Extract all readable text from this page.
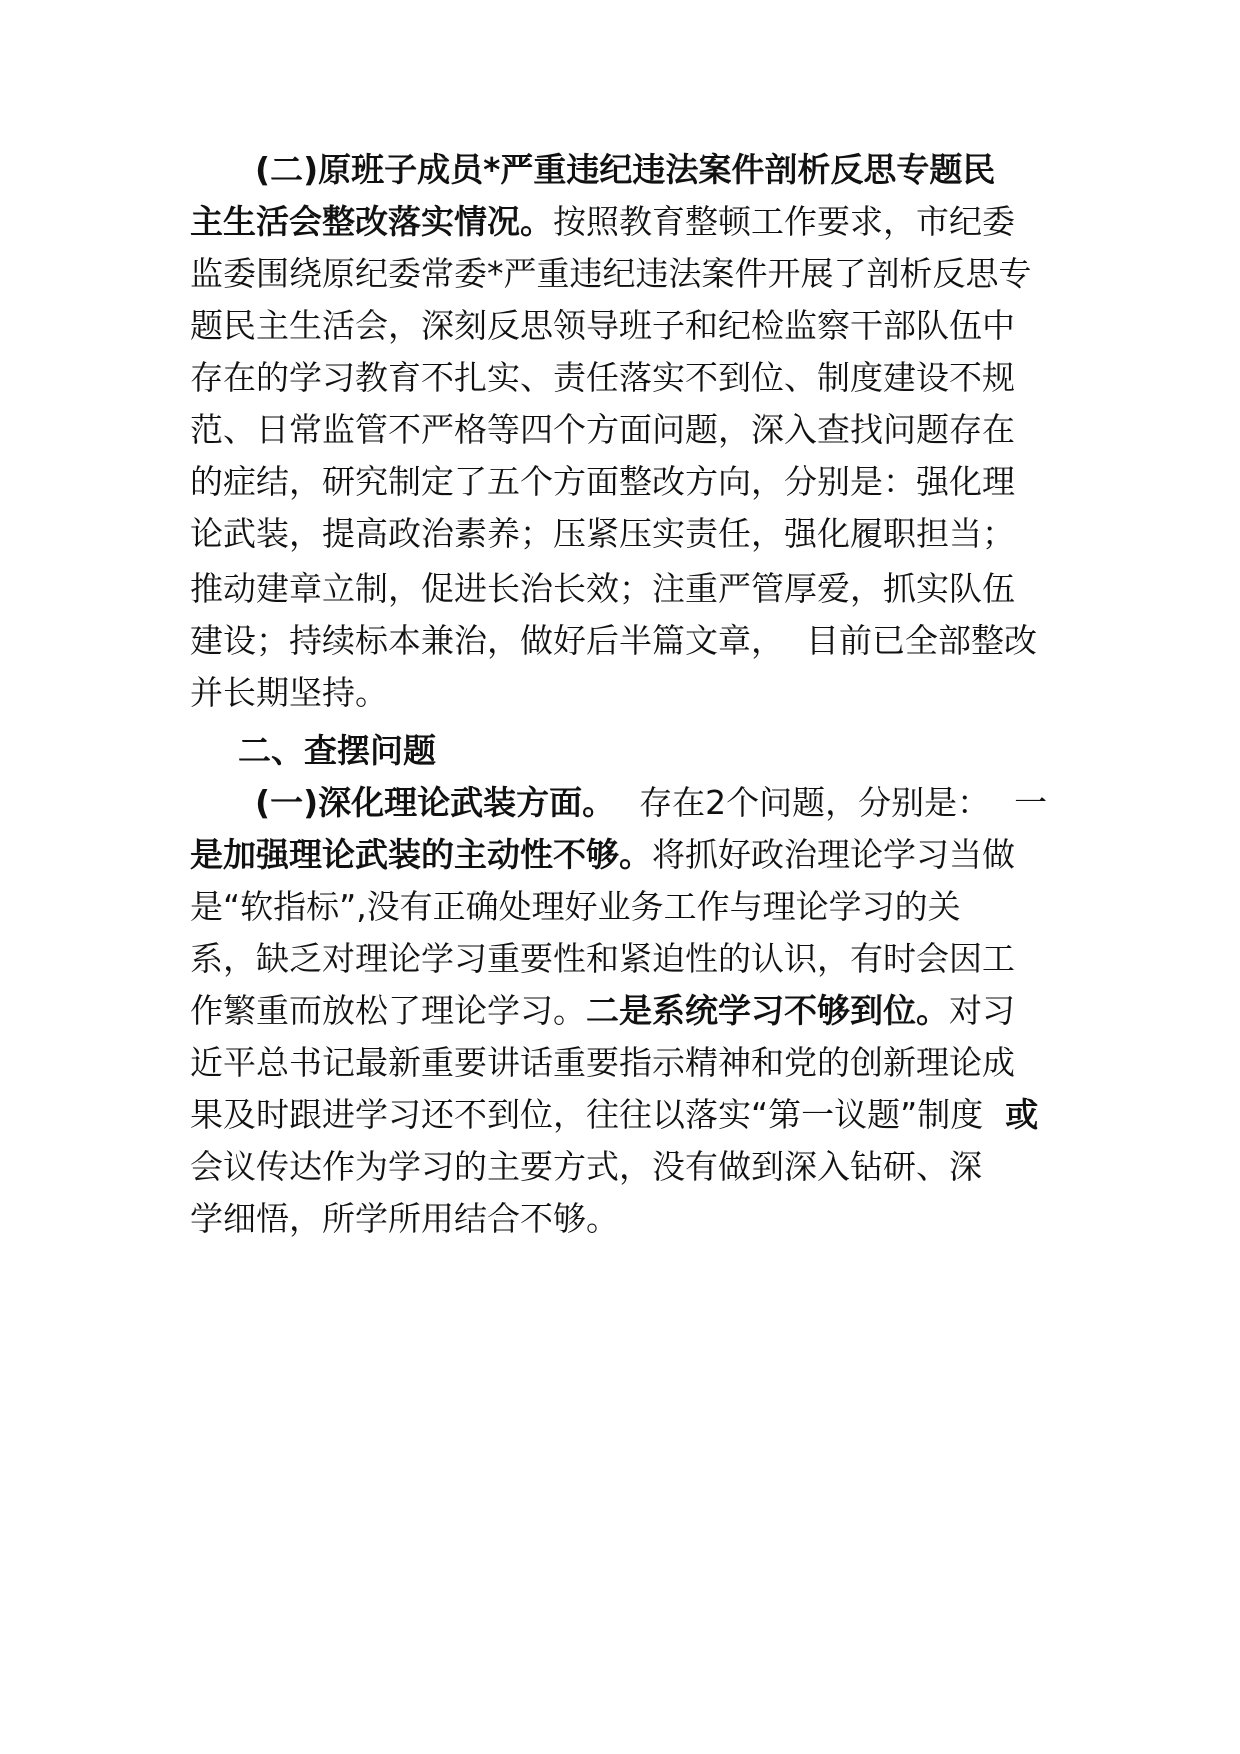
(二)原班子成员*严重违纪违法案件剖析反思专题民
主生活会整改落实情况。按照教育整顿工作要求，市纪委
监委围绕原纪委常委*严重违纪违法案件开展了剖析反思专
题民主生活会，深刻反思领导班子和纪检监察干部队伍中
存在的学习教育不扎实、责任落实不到位、制度建设不规
范、日常监管不严格等四个方面问题，深入查找问题存在
的症结，研究制定了五个方面整改方向，分别是：强化理
论武装，提高政治素养；压紧压实责任，强化履职担当；
推动建章立制，促进长治长效；注重严管厚爱，抓实队伍
建设；持续标本兼治，做好后半篇文章， 目前已全部整改
并长期坚持。
二、查摆问题
(一)深化理论武装方面。 存在2个问题，分别是： 一
是加强理论武装的主动性不够。将抓好政治理论学习当做
是“软指标”,没有正确处理好业务工作与理论学习的关
系，缺乏对理论学习重要性和紧迫性的认识，有时会因工
作繁重而放松了理论学习。二是系统学习不够到位。对习
近平总书记最新重要讲话重要指示精神和党的创新理论成
果及时跟进学习还不到位，往往以落实“第一议题”制度 或
会议传达作为学习的主要方式，没有做到深入钻研、深
学细悟，所学所用结合不够。
